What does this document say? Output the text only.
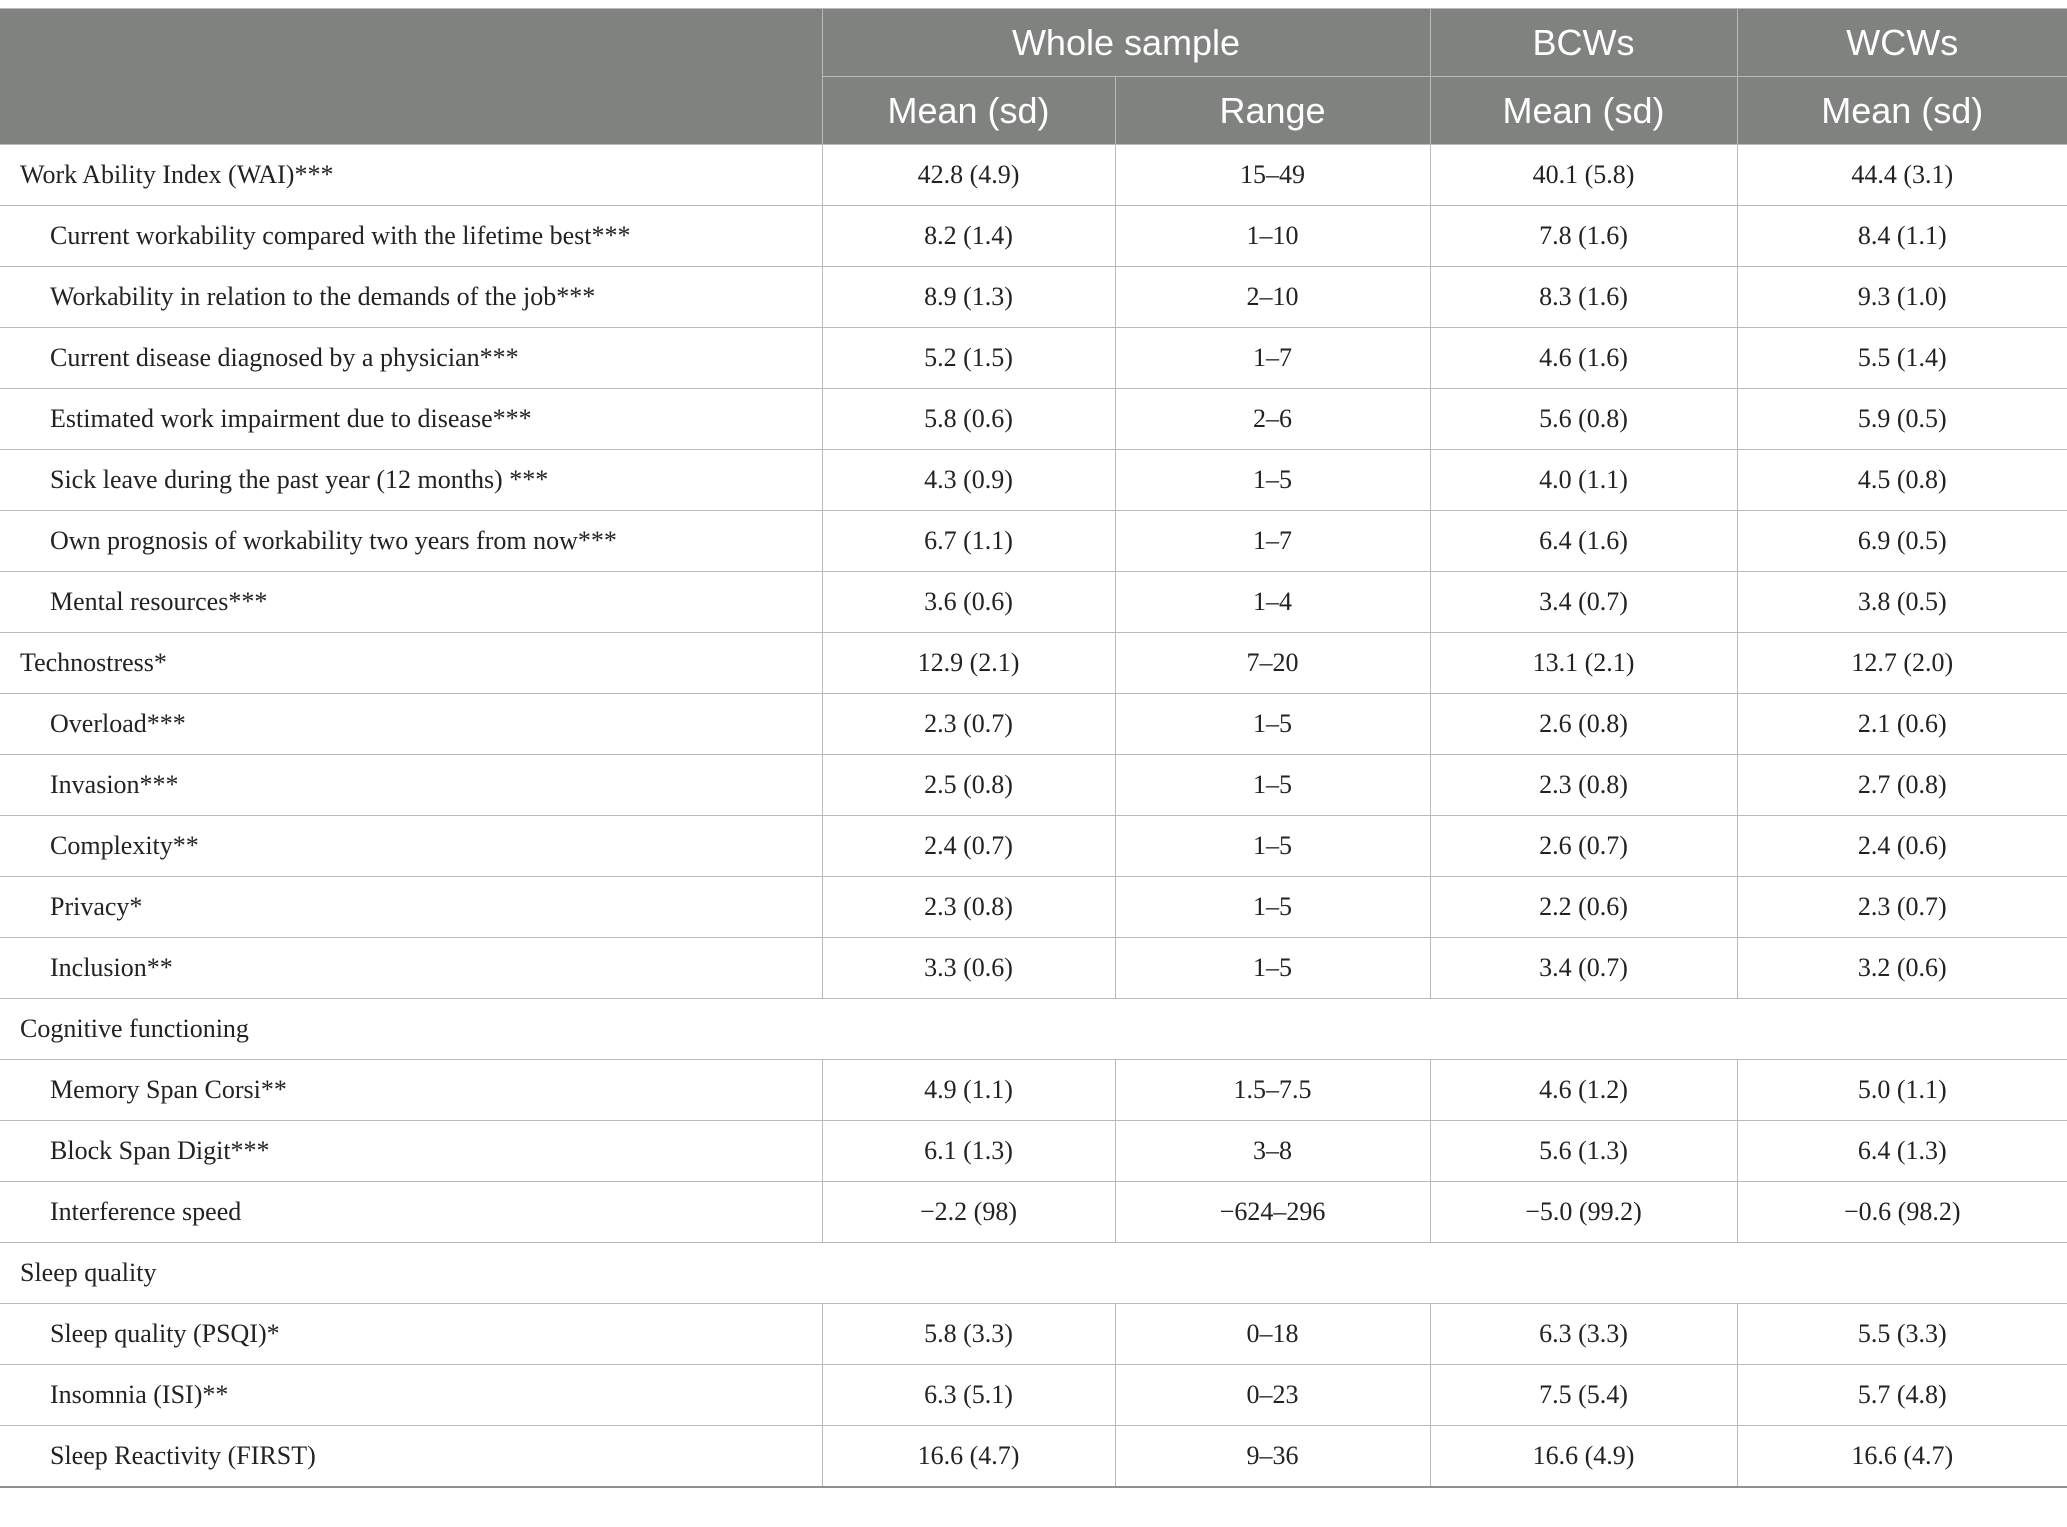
	Whole sample		BCWs	WCWs
	Mean (sd)	Range	Mean (sd)	Mean (sd)
Work Ability Index (WAI)***	42.8 (4.9)	15–49	40.1 (5.8)	44.4 (3.1)
Current workability compared with the lifetime best***	8.2 (1.4)	1–10	7.8 (1.6)	8.4 (1.1)
Workability in relation to the demands of the job***	8.9 (1.3)	2–10	8.3 (1.6)	9.3 (1.0)
Current disease diagnosed by a physician***	5.2 (1.5)	1–7	4.6 (1.6)	5.5 (1.4)
Estimated work impairment due to disease***	5.8 (0.6)	2–6	5.6 (0.8)	5.9 (0.5)
Sick leave during the past year (12 months) ***	4.3 (0.9)	1–5	4.0 (1.1)	4.5 (0.8)
Own prognosis of workability two years from now***	6.7 (1.1)	1–7	6.4 (1.6)	6.9 (0.5)
Mental resources***	3.6 (0.6)	1–4	3.4 (0.7)	3.8 (0.5)
Technostress*	12.9 (2.1)	7–20	13.1 (2.1)	12.7 (2.0)
Overload***	2.3 (0.7)	1–5	2.6 (0.8)	2.1 (0.6)
Invasion***	2.5 (0.8)	1–5	2.3 (0.8)	2.7 (0.8)
Complexity**	2.4 (0.7)	1–5	2.6 (0.7)	2.4 (0.6)
Privacy*	2.3 (0.8)	1–5	2.2 (0.6)	2.3 (0.7)
Inclusion**	3.3 (0.6)	1–5	3.4 (0.7)	3.2 (0.6)
Cognitive functioning				
Memory Span Corsi**	4.9 (1.1)	1.5–7.5	4.6 (1.2)	5.0 (1.1)
Block Span Digit***	6.1 (1.3)	3–8	5.6 (1.3)	6.4 (1.3)
Interference speed	−2.2 (98)	−624–296	−5.0 (99.2)	−0.6 (98.2)
Sleep quality				
Sleep quality (PSQI)*	5.8 (3.3)	0–18	6.3 (3.3)	5.5 (3.3)
Insomnia (ISI)**	6.3 (5.1)	0–23	7.5 (5.4)	5.7 (4.8)
Sleep Reactivity (FIRST)	16.6 (4.7)	9–36	16.6 (4.9)	16.6 (4.7)
